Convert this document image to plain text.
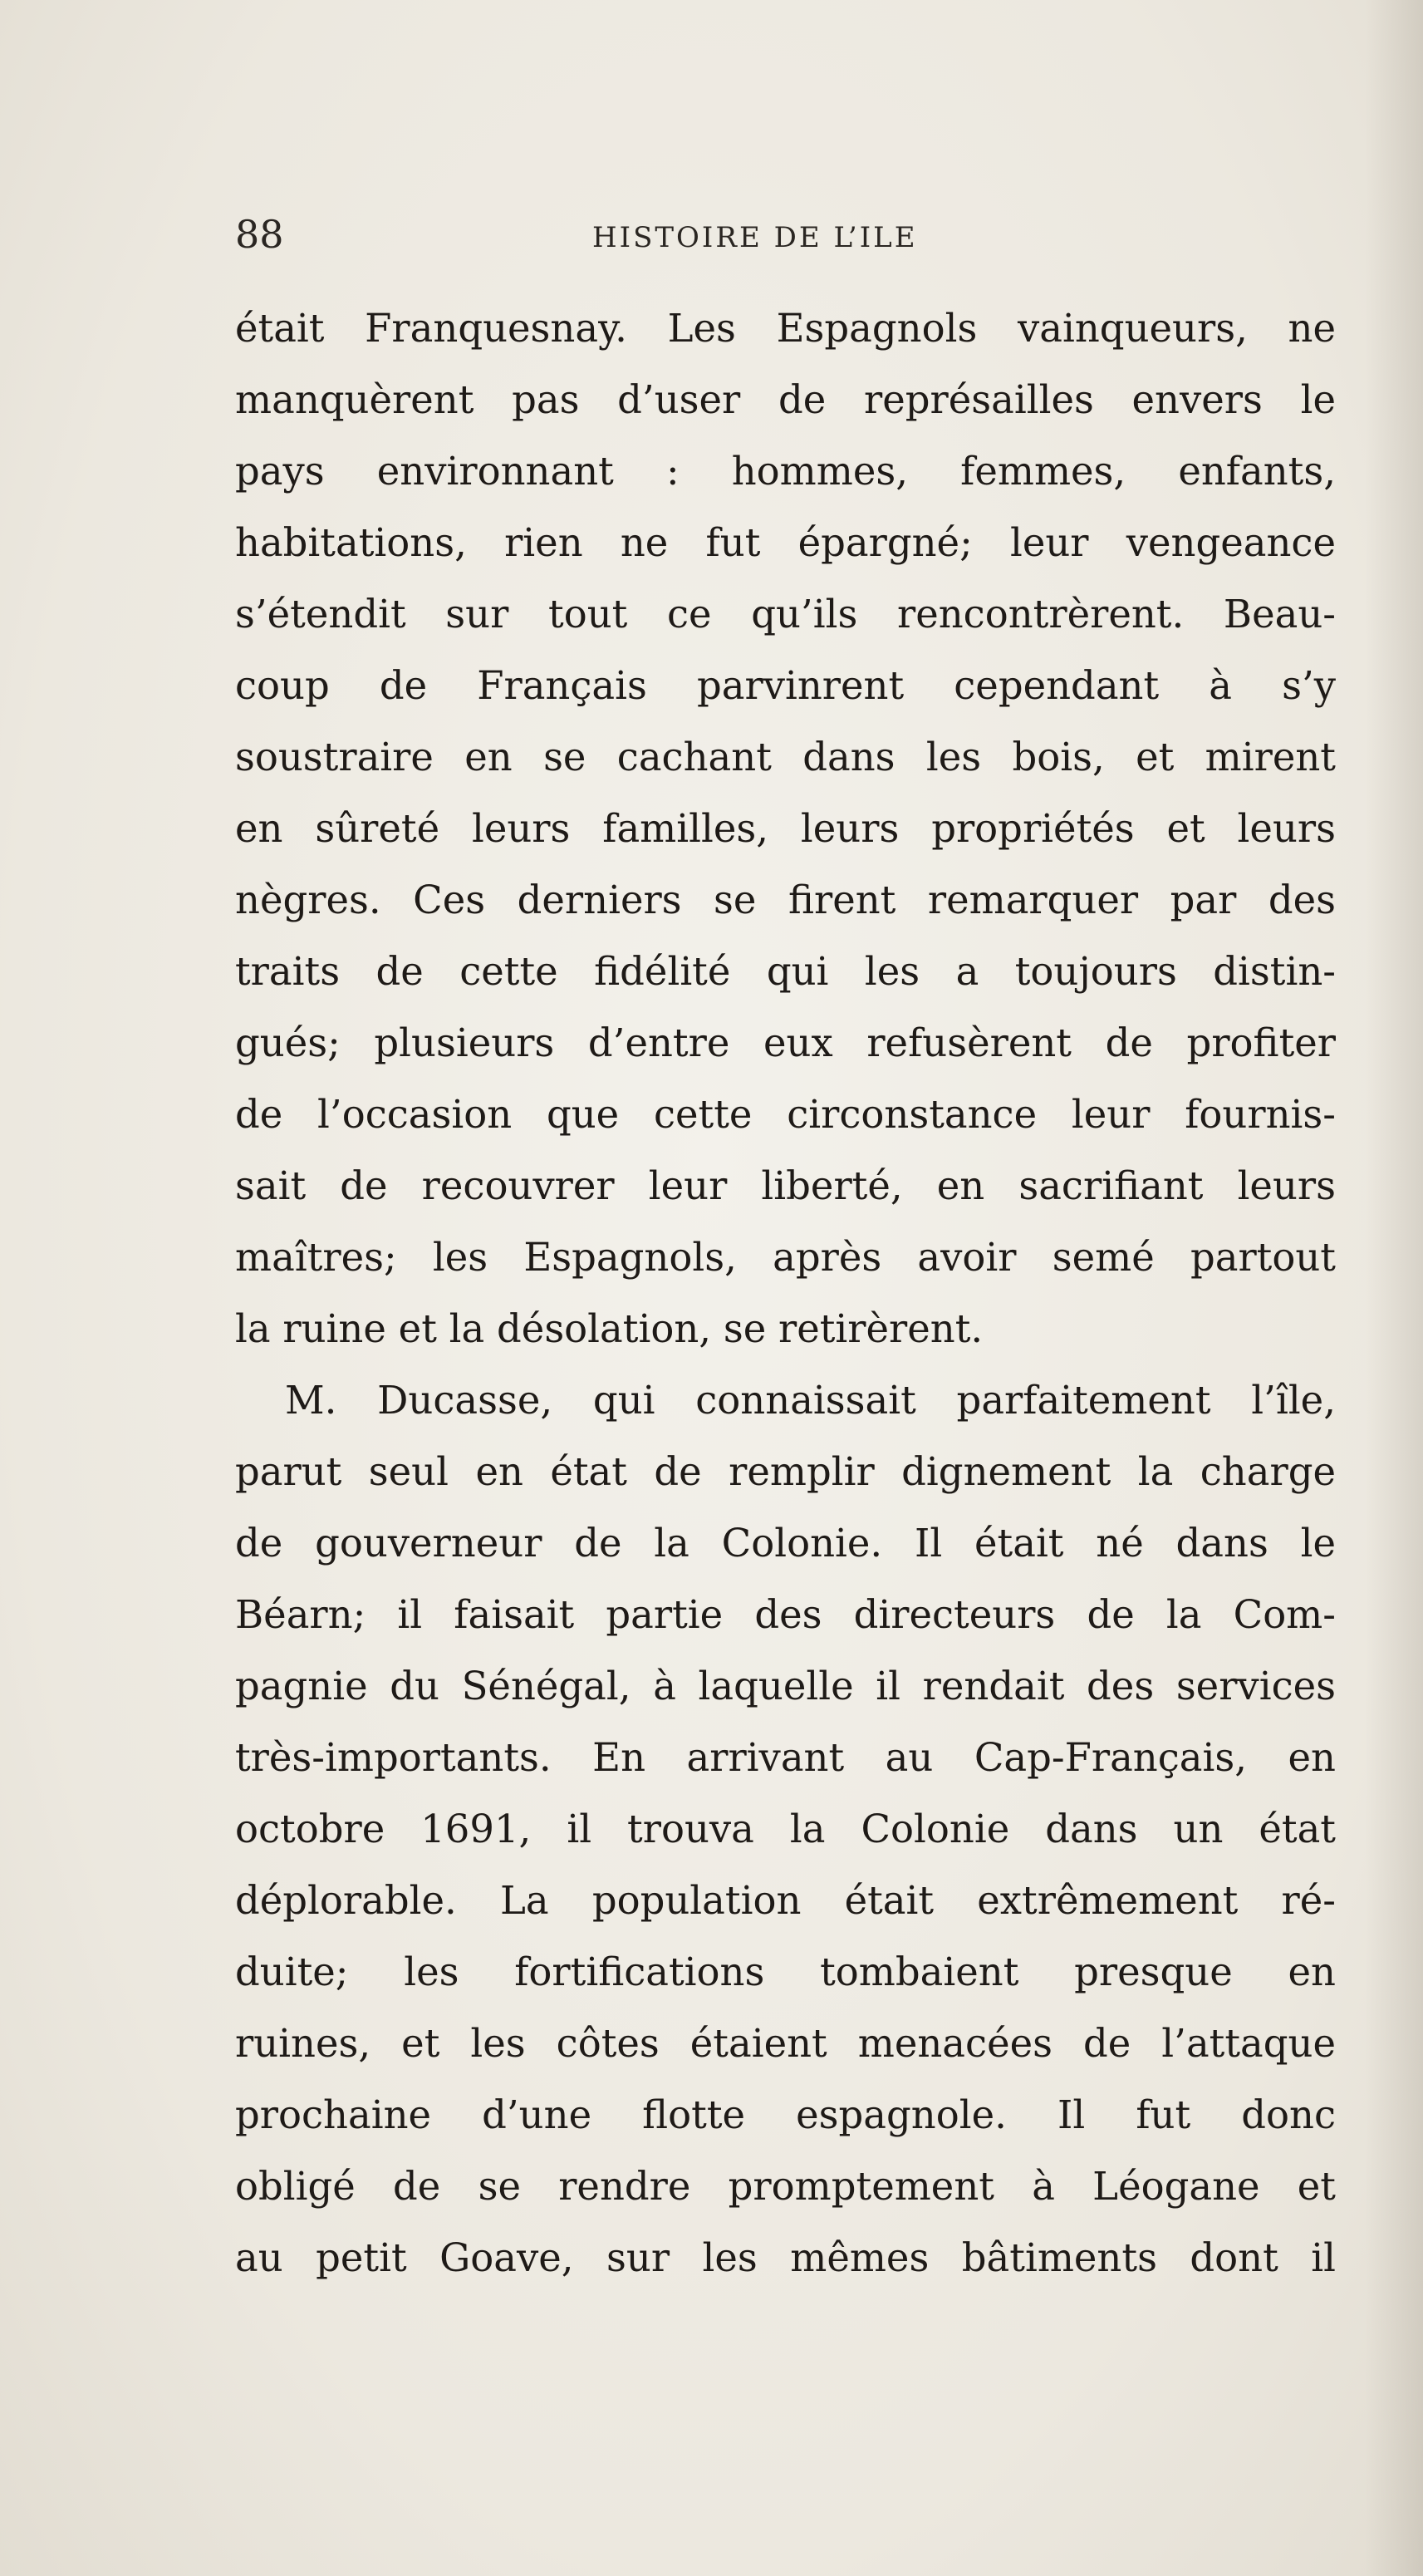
88	HISTOIRE DE L’ILE
était Franquesnay. Les Espagnols vainqueurs, ne
manquèrent pas d’user de représailles envers le
pays environnant : hommes, femmes, enfants,
habitations, rien ne fut épargné; leur vengeance
s’étendit sur tout ce qu’ils rencontrèrent. Beau-
coup de Français parvinrent cependant à s’y
soustraire en se cachant dans les bois, et mirent
en sûreté leurs familles, leurs propriétés et leurs
nègres. Ces derniers se firent remarquer par des
traits de cette fidélité qui les a toujours distin-
gués; plusieurs d’entre eux refusèrent de profiter
de l’occasion que cette circonstance leur fournis-
sait de recouvrer leur liberté, en sacrifiant leurs
maîtres; les Espagnols, après avoir semé partout
la ruine et la désolation, se retirèrent.
M. Ducasse, qui connaissait parfaitement l’île,
parut seul en état de remplir dignement la charge
de gouverneur de la Colonie. Il était né dans le
Béarn; il faisait partie des directeurs de la Com-
pagnie du Sénégal, à laquelle il rendait des services
très-importants. En arrivant au Cap-Français, en
octobre 1691, il trouva la Colonie dans un état
déplorable. La population était extrêmement ré-
duite; les fortifications tombaient presque en
ruines, et les côtes étaient menacées de l’attaque
prochaine d’une flotte espagnole. Il fut donc
obligé de se rendre promptement à Léogane et
au petit Goave, sur les mêmes bâtiments dont il
